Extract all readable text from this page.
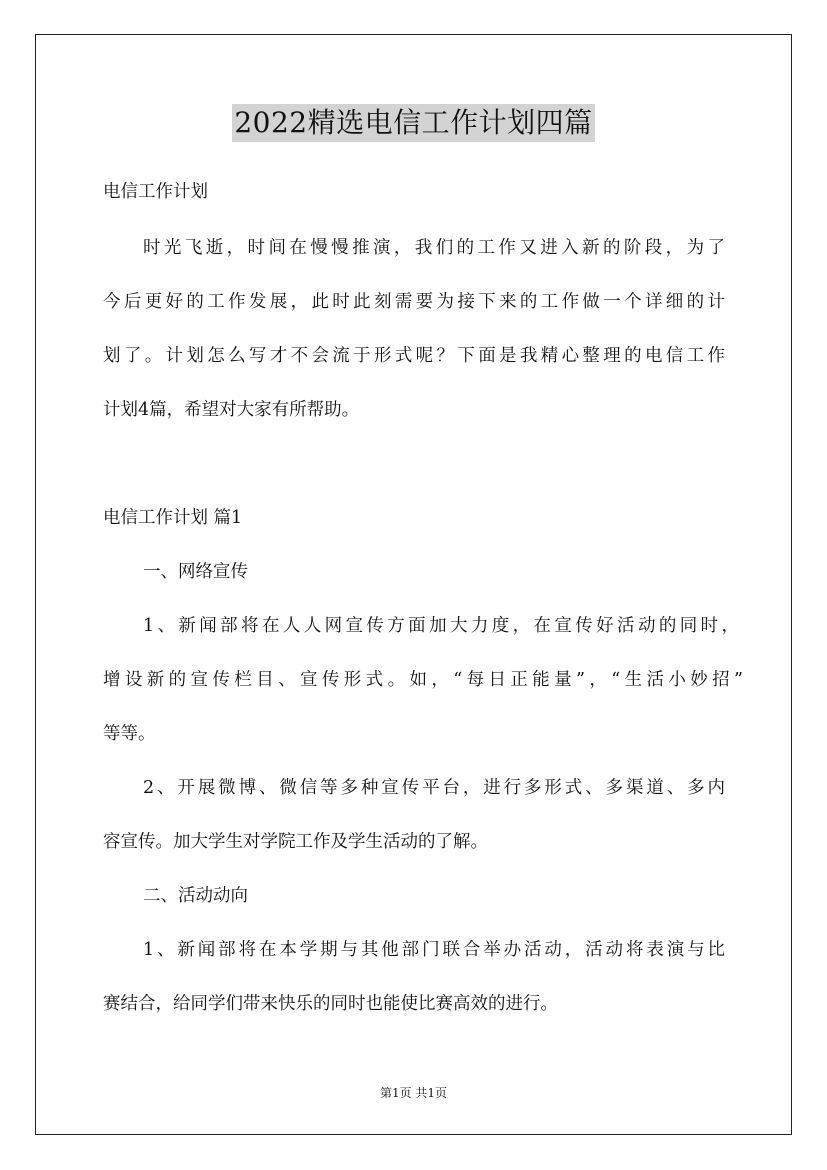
2022精选电信工作计划四篇
电信工作计划
时光飞逝，时间在慢慢推演，我们的工作又进入新的阶段，为了
今后更好的工作发展，此时此刻需要为接下来的工作做一个详细的计
划了。计划怎么写才不会流于形式呢？下面是我精心整理的电信工作
计划4篇，希望对大家有所帮助。
电信工作计划 篇1
一、网络宣传
1、新闻部将在人人网宣传方面加大力度，在宣传好活动的同时，
增设新的宣传栏目、宣传形式。如，“每日正能量”，“生活小妙招”
等等。
2、开展微博、微信等多种宣传平台，进行多形式、多渠道、多内
容宣传。加大学生对学院工作及学生活动的了解。
二、活动动向
1、新闻部将在本学期与其他部门联合举办活动，活动将表演与比
赛结合，给同学们带来快乐的同时也能使比赛高效的进行。
第1页 共1页
